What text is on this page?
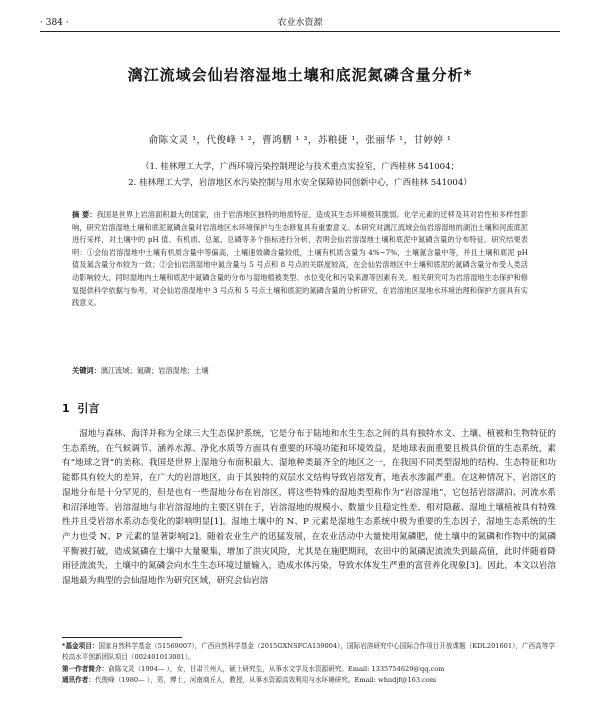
· 384 ·	农业水资源
漓江流域会仙岩溶湿地土壤和底泥氮磷含量分析*
俞陈文灵 ¹，代俊峰 ¹ ²，曹鸿鹏 ¹ ³，苏粮捷 ¹，张丽华 ¹，甘婷婷 ¹
（1. 桂林理工大学，广西环境污染控制理论与技术重点实验室，广西桂林 541004；
2. 桂林理工大学，岩溶地区水污染控制与用水安全保障协同创新中心，广西桂林 541004）
摘 要：我国是世界上岩溶面积最大的国家，由于岩溶地区独特的地质特征，造成其生态环境极其脆弱。化学元素的迁移及其对岩性和多样性影响，研究岩溶湿地土壤和底泥氮磷含量对岩溶地区水环境保护与生态修复具有重要意义。本研究对漓江流域会仙岩溶湿地的湖泊土壤和河流底泥进行采样，对土壤中的 pH 值、有机质、总氮、总磷等多个指标进行分析，表明会仙岩溶湿地土壤和底泥中氮磷含量的分布特征。研究结果表明：①会仙岩溶湿地中土壤有机质含量中等偏高，土壤速效磷含量较低，土壤有机质含量为 4%~7%，土壤氮含量中等，并且土壤和底泥 pH 值及氮含量分布较为一致；②会仙岩溶湿地中氮含量与 5 号点和 8 号点的关联度较高，在会仙岩溶地区中土壤和底泥的氮磷含量分布受人类活动影响较大，同时湿地内土壤和底泥中氮磷含量的分布与湿地植被类型、水位变化和污染来源等因素有关。相关研究可为岩溶湿地生态保护和修复提供科学依据与参考，对会仙岩溶湿地中 3 号点和 5 号点土壤和底泥的氮磷含量的分析研究，在岩溶地区湿地水环境治理和保护方面具有实践意义。
关键词：漓江流域；氮磷；岩溶湿地；土壤
1 引言
湿地与森林、海洋并称为全球三大生态保护系统，它是分布于陆地和水生生态之间的具有独特水文、土壤、植被和生物特征的生态系统，在气候调节、涵养水源、净化水质等方面具有重要的环境功能和环境效益，是地球表面重要且极具价值的生态系统，素有“地球之肾”的美称。我国是世界上湿地分布面积最大、湿地种类最齐全的地区之一，在我国不同类型湿地的结构、生态特征和功能都具有较大的差异，在广大的岩溶地区，由于其独特的双层水文结构导致岩溶发育，地表水渗漏严重。在这种情况下，岩溶区的湿地分布是十分罕见的，但是也有一些湿地分布在岩溶区，将这些特殊的湿地类型称作为“岩溶湿地”，它包括岩溶湖泊、河流水系和沼泽地等。岩溶湿地与非岩溶湿地的主要区别在于，岩溶湿地的规模小、数量少且稳定性差、相对隐蔽、湿地土壤植被具有特殊性并且受岩溶水系动态变化的影响明显[1]。湿地土壤中的 N、P 元素是湿地生态系统中极为重要的生态因子，湿地生态系统的生产力也受 N、P 元素的显著影响[2]。随着农业生产的迅猛发展，在农业活动中大量使用氮磷肥，使土壤中的氮磷和作物中的氮磷平衡被打破，造成氮磷在土壤中大量聚集，增加了洪灾风险，尤其是在施肥期间，农田中的氮磷泥流流失到最高值，此时伴随着降雨径流流失，土壤中的氮磷会向水生生态环境过量输入，造成水体污染，导致水体发生严重的富营养化现象[3]。因此，本文以岩溶湿地最为典型的会仙湿地作为研究区域，研究会仙岩溶
*基金项目：国家自然科学基金（51569007），广西自然科学基金（2015GXNSFCA139004），国际岩溶研究中心国际合作项目开放课题（KDL201601），广西高等学校高水平创新团队项目（002401013001）。
第一作者简介：俞陈文灵（1994— ），女，甘肃兰州人，硕士研究生，从事水文学及水资源研究。Email: 1335754629@qq.com
通讯作者：代俊峰（1980— ），男，博士，河南商丘人，教授，从事水资源高效利用与水环境研究。Email: whudjf@163.com
